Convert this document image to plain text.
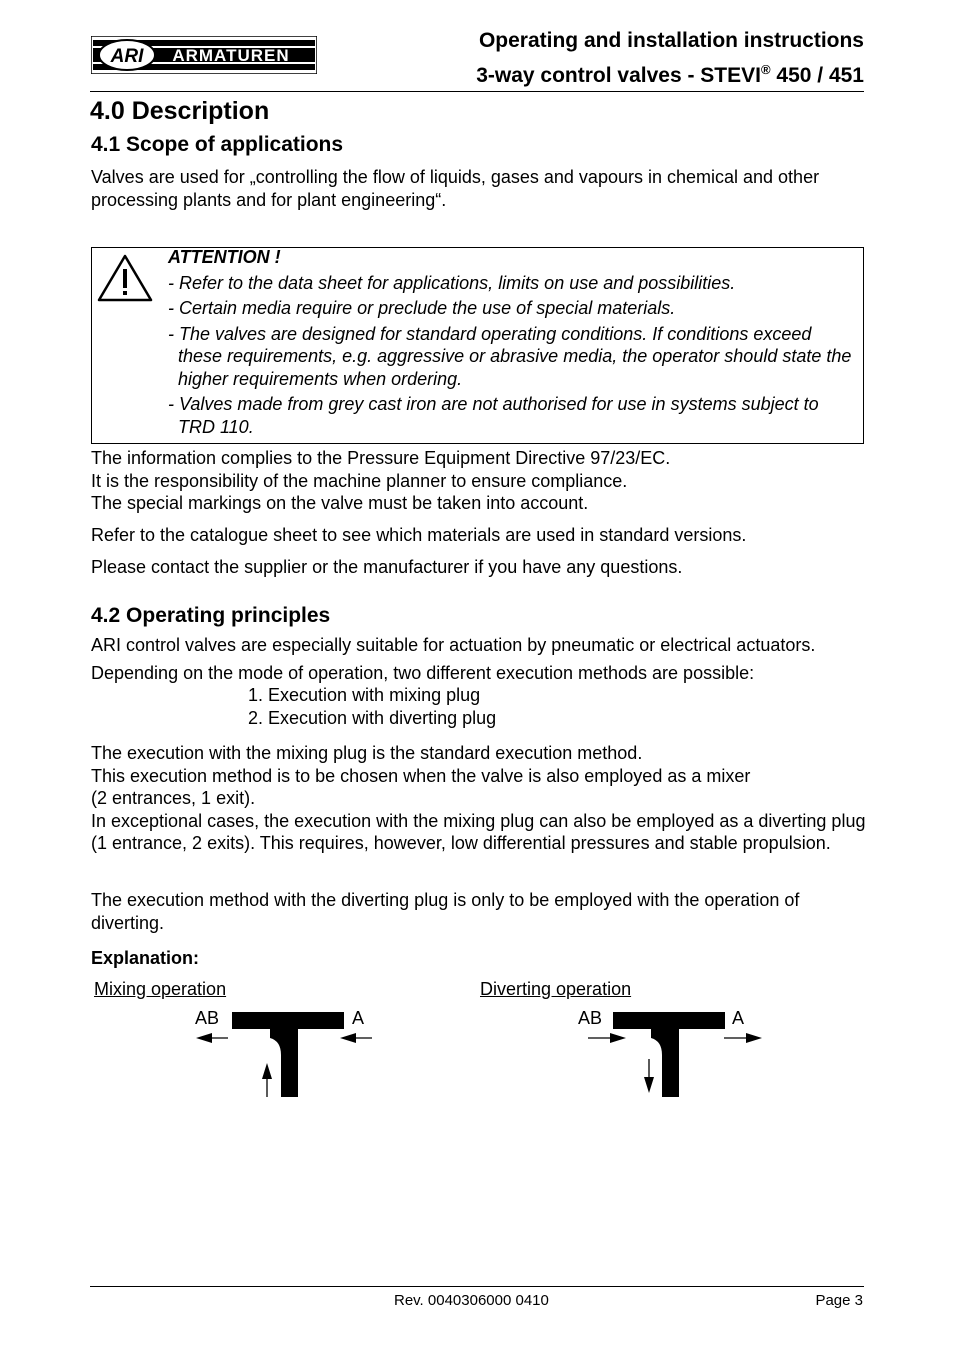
ARI ARMATUREN
Operating and installation instructions
3-way control valves - STEVI® 450 / 451
4.0 Description
4.1 Scope of applications
Valves are used for „controlling the flow of liquids, gases and vapours in chemical and other processing plants and for plant engineering“.
ATTENTION !
- Refer to the data sheet for applications, limits on use and possibilities.
- Certain media require or preclude the use of special materials.
- The valves are designed for standard operating conditions. If conditions exceed these requirements, e.g. aggressive or abrasive media, the operator should state the higher requirements when ordering.
- Valves made from grey cast iron are not authorised for use in systems subject to TRD 110.
The information complies to the Pressure Equipment Directive 97/23/EC.
It is the responsibility of the machine planner to ensure compliance.
The special markings on the valve must be taken into account.
Refer to the catalogue sheet to see which materials are used in standard versions.
Please contact the supplier or the manufacturer if you have any questions.
4.2 Operating principles
ARI control valves are especially suitable for actuation by pneumatic or electrical actuators.
Depending on the mode of operation, two different execution methods are possible:
1. Execution with mixing plug
2. Execution with diverting plug
The execution with the mixing plug is the standard execution method.
This execution method is to be chosen when the valve is also employed as a mixer
(2 entrances, 1 exit).
In exceptional cases, the execution with the mixing plug can also be employed as a diverting plug (1 entrance, 2 exits). This requires, however, low differential pressures and stable propulsion.
The execution method with the diverting plug is only to be employed with the operation of diverting.
Explanation:
Mixing operation
AB	A
B
Diverting operation
AB	A
B
Rev. 0040306000 0410	Page 3
